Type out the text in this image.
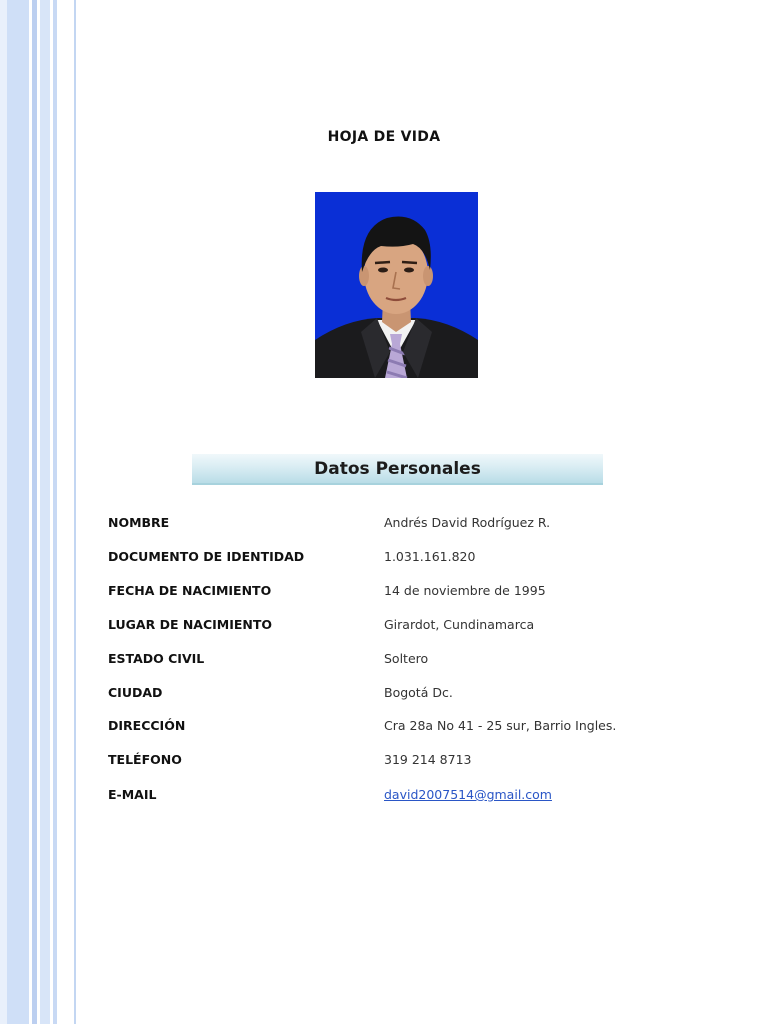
HOJA DE VIDA
Datos Personales
NOMBRE	Andrés David Rodríguez R.
DOCUMENTO DE IDENTIDAD	1.031.161.820
FECHA DE NACIMIENTO	14 de noviembre de 1995
LUGAR DE NACIMIENTO	Girardot, Cundinamarca
ESTADO CIVIL	Soltero
CIUDAD	Bogotá Dc.
DIRECCIÓN	Cra 28a No 41 - 25 sur, Barrio Ingles.
TELÉFONO	319 214 8713
E-MAIL	david2007514@gmail.com
